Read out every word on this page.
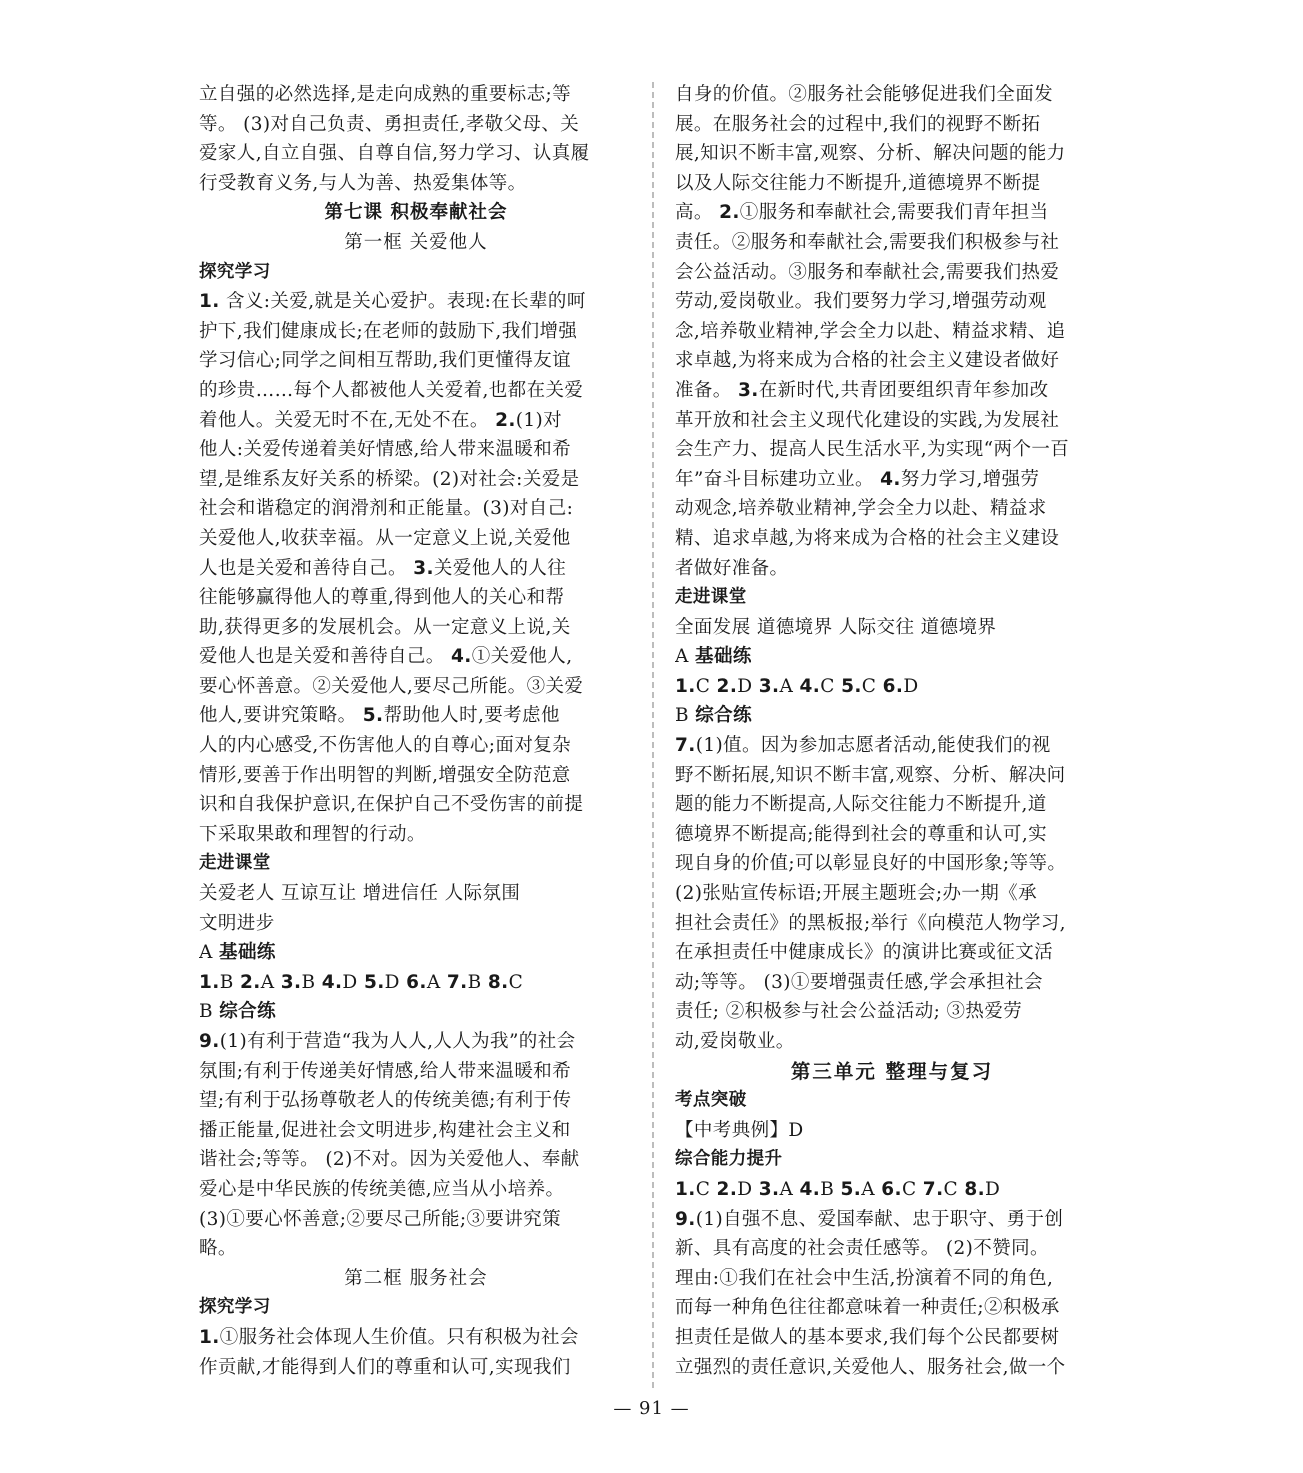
立自强的必然选择,是走向成熟的重要标志;等
等。 (3)对自己负责、勇担责任,孝敬父母、关
爱家人,自立自强、自尊自信,努力学习、认真履
行受教育义务,与人为善、热爱集体等。
第七课 积极奉献社会
第一框 关爱他人
探究学习
1. 含义:关爱,就是关心爱护。表现:在长辈的呵
护下,我们健康成长;在老师的鼓励下,我们增强
学习信心;同学之间相互帮助,我们更懂得友谊
的珍贵……每个人都被他人关爱着,也都在关爱
着他人。关爱无时不在,无处不在。 2.(1)对
他人:关爱传递着美好情感,给人带来温暖和希
望,是维系友好关系的桥梁。(2)对社会:关爱是
社会和谐稳定的润滑剂和正能量。(3)对自己:
关爱他人,收获幸福。从一定意义上说,关爱他
人也是关爱和善待自己。 3.关爱他人的人往
往能够赢得他人的尊重,得到他人的关心和帮
助,获得更多的发展机会。从一定意义上说,关
爱他人也是关爱和善待自己。 4.①关爱他人,
要心怀善意。②关爱他人,要尽己所能。③关爱
他人,要讲究策略。 5.帮助他人时,要考虑他
人的内心感受,不伤害他人的自尊心;面对复杂
情形,要善于作出明智的判断,增强安全防范意
识和自我保护意识,在保护自己不受伤害的前提
下采取果敢和理智的行动。
走进课堂
关爱老人 互谅互让 增进信任 人际氛围
文明进步
A 基础练
1.B 2.A 3.B 4.D 5.D 6.A 7.B 8.C
B 综合练
9.(1)有利于营造“我为人人,人人为我”的社会
氛围;有利于传递美好情感,给人带来温暖和希
望;有利于弘扬尊敬老人的传统美德;有利于传
播正能量,促进社会文明进步,构建社会主义和
谐社会;等等。 (2)不对。因为关爱他人、奉献
爱心是中华民族的传统美德,应当从小培养。
(3)①要心怀善意;②要尽己所能;③要讲究策
略。
第二框 服务社会
探究学习
1.①服务社会体现人生价值。只有积极为社会
作贡献,才能得到人们的尊重和认可,实现我们
自身的价值。②服务社会能够促进我们全面发
展。在服务社会的过程中,我们的视野不断拓
展,知识不断丰富,观察、分析、解决问题的能力
以及人际交往能力不断提升,道德境界不断提
高。 2.①服务和奉献社会,需要我们青年担当
责任。②服务和奉献社会,需要我们积极参与社
会公益活动。③服务和奉献社会,需要我们热爱
劳动,爱岗敬业。我们要努力学习,增强劳动观
念,培养敬业精神,学会全力以赴、精益求精、追
求卓越,为将来成为合格的社会主义建设者做好
准备。 3.在新时代,共青团要组织青年参加改
革开放和社会主义现代化建设的实践,为发展社
会生产力、提高人民生活水平,为实现“两个一百
年”奋斗目标建功立业。 4.努力学习,增强劳
动观念,培养敬业精神,学会全力以赴、精益求
精、追求卓越,为将来成为合格的社会主义建设
者做好准备。
走进课堂
全面发展 道德境界 人际交往 道德境界
A 基础练
1.C 2.D 3.A 4.C 5.C 6.D
B 综合练
7.(1)值。因为参加志愿者活动,能使我们的视
野不断拓展,知识不断丰富,观察、分析、解决问
题的能力不断提高,人际交往能力不断提升,道
德境界不断提高;能得到社会的尊重和认可,实
现自身的价值;可以彰显良好的中国形象;等等。
(2)张贴宣传标语;开展主题班会;办一期《承
担社会责任》的黑板报;举行《向模范人物学习,
在承担责任中健康成长》的演讲比赛或征文活
动;等等。 (3)①要增强责任感,学会承担社会
责任; ②积极参与社会公益活动; ③热爱劳
动,爱岗敬业。
第三单元 整理与复习
考点突破
【中考典例】D
综合能力提升
1.C 2.D 3.A 4.B 5.A 6.C 7.C 8.D
9.(1)自强不息、爱国奉献、忠于职守、勇于创
新、具有高度的社会责任感等。 (2)不赞同。
理由:①我们在社会中生活,扮演着不同的角色,
而每一种角色往往都意味着一种责任;②积极承
担责任是做人的基本要求,我们每个公民都要树
立强烈的责任意识,关爱他人、服务社会,做一个
— 91 —
